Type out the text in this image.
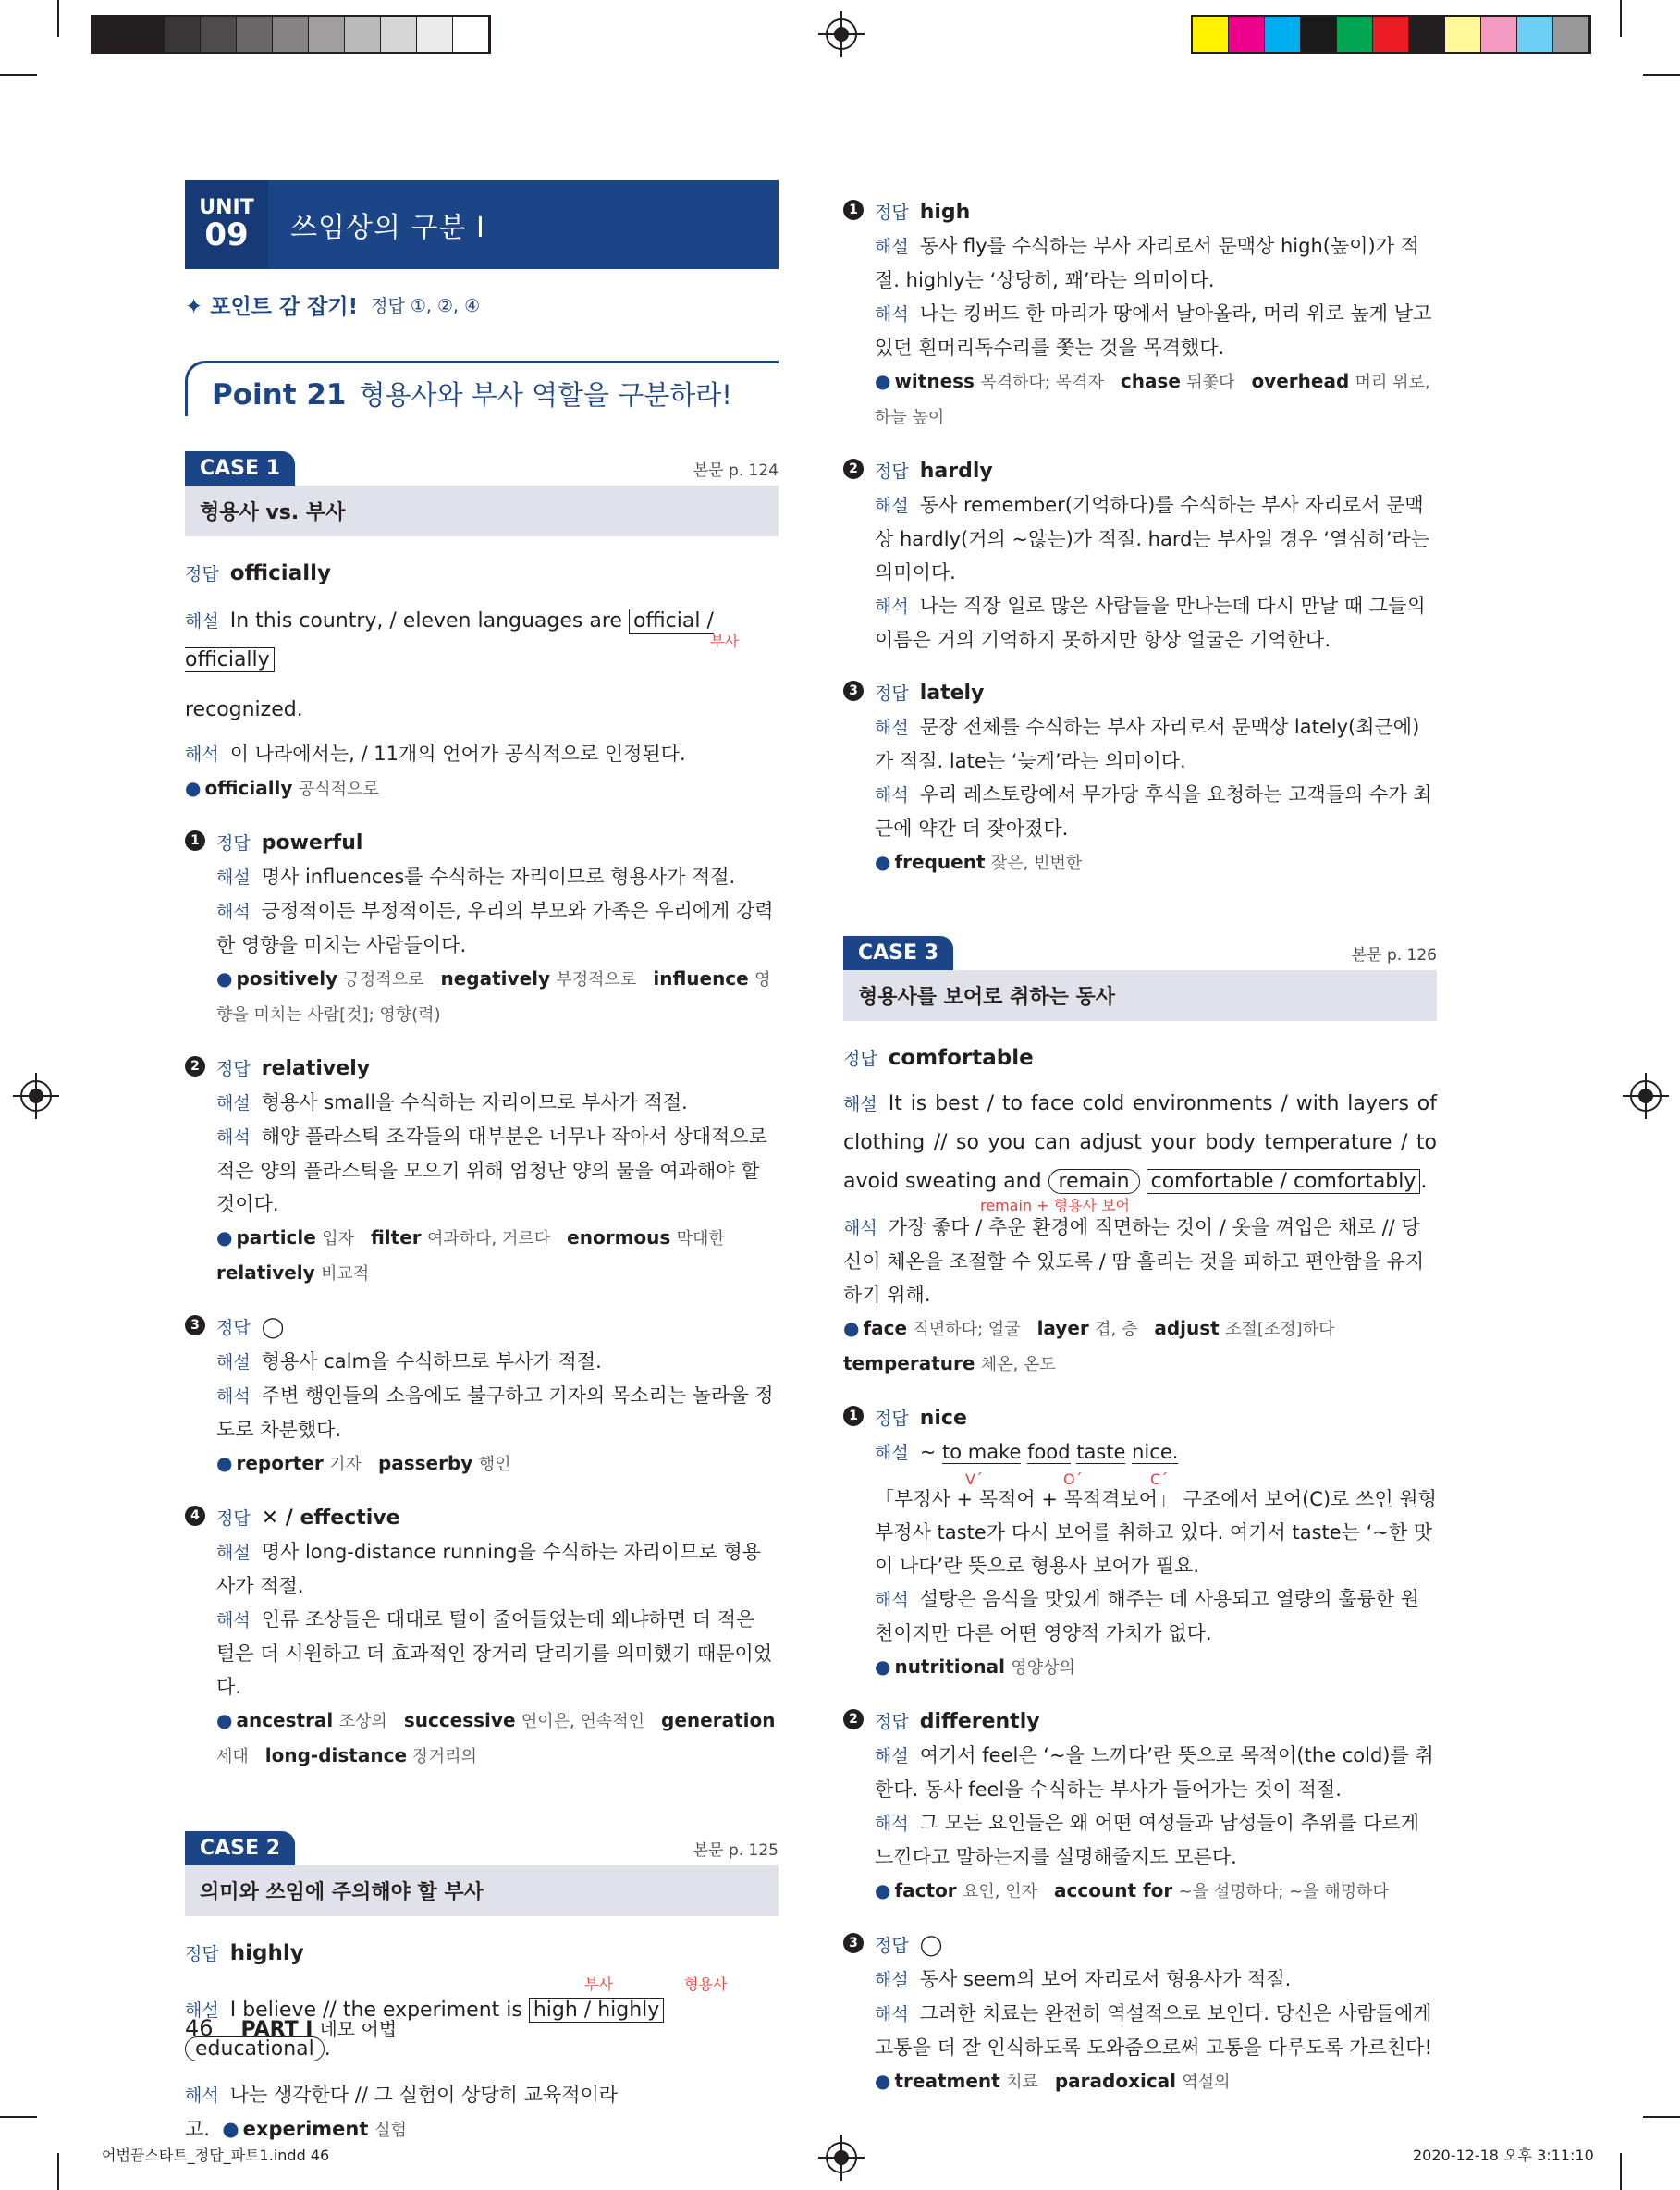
UNIT
09	쓰임상의 구분 Ⅰ
✦ 포인트 감 잡기! 정답 ①, ②, ④
Point 21 형용사와 부사 역할을 구분하라!
CASE 1	본문 p. 124
형용사 vs. 부사
정답 officially

해설 In this country, / eleven languages are official / officially

부사

recognized.

해석 이 나라에서는, / 11개의 언어가 공식적으로 인정된다.

● officially 공식적으로

1 정답 powerful

해설 명사 influences를 수식하는 자리이므로 형용사가 적절.

해석 긍정적이든 부정적이든, 우리의 부모와 가족은 우리에게 강력한 영향을 미치는 사람들이다.

● positively 긍정적으로 negatively 부정적으로 influence 영향을 미치는 사람[것]; 영향(력)

2 정답 relatively

해설 형용사 small을 수식하는 자리이므로 부사가 적절.

해석 해양 플라스틱 조각들의 대부분은 너무나 작아서 상대적으로 적은 양의 플라스틱을 모으기 위해 엄청난 양의 물을 여과해야 할 것이다.

● particle 입자 filter 여과하다, 거르다 enormous 막대한relatively 비교적

3 정답 ◯

해설 형용사 calm을 수식하므로 부사가 적절.

해석 주변 행인들의 소음에도 불구하고 기자의 목소리는 놀라울 정도로 차분했다.

● reporter 기자 passerby 행인

4 정답 ✕ / effective

해설 명사 long-distance running을 수식하는 자리이므로 형용사가 적절.

해석 인류 조상들은 대대로 털이 줄어들었는데 왜냐하면 더 적은 털은 더 시원하고 더 효과적인 장거리 달리기를 의미했기 때문이었다.

● ancestral 조상의 successive 연이은, 연속적인 generation 세대 long-distance 장거리의

CASE 2	본문 p. 125
의미와 쓰임에 주의해야 할 부사
정답 highly
부사	형용사

해설 I believe // the experiment is high / highly educational .

해석 나는 생각한다 // 그 실험이 상당히 교육적이라고. ● experiment 실험

1 정답 high

해설 동사 fly를 수식하는 부사 자리로서 문맥상 high(높이)가 적절. highly는 ‘상당히, 꽤’라는 의미이다.

해석 나는 킹버드 한 마리가 땅에서 날아올라, 머리 위로 높게 날고 있던 흰머리독수리를 쫓는 것을 목격했다.

● witness 목격하다; 목격자 chase 뒤쫓다 overhead 머리 위로, 하늘 높이

2 정답 hardly

해설 동사 remember(기억하다)를 수식하는 부사 자리로서 문맥상 hardly(거의 ~않는)가 적절. hard는 부사일 경우 ‘열심히’라는 의미이다.

해석 나는 직장 일로 많은 사람들을 만나는데 다시 만날 때 그들의 이름은 거의 기억하지 못하지만 항상 얼굴은 기억한다.

3 정답 lately

해설 문장 전체를 수식하는 부사 자리로서 문맥상 lately(최근에)가 적절. late는 ‘늦게’라는 의미이다.

해석 우리 레스토랑에서 무가당 후식을 요청하는 고객들의 수가 최근에 약간 더 잦아졌다.

● frequent 잦은, 빈번한

CASE 3	본문 p. 126
형용사를 보어로 취하는 동사
정답 comfortable

해설 It is best / to face cold environments / with layers of clothing // so you can adjust your body temperature / to avoid sweating and remain comfortable / comfortably .

remain + 형용사 보어

해석 가장 좋다 / 추운 환경에 직면하는 것이 / 옷을 껴입은 채로 // 당신이 체온을 조절할 수 있도록 / 땀 흘리는 것을 피하고 편안함을 유지하기 위해.

● face 직면하다; 얼굴 layer 겹, 층 adjust 조절[조정]하다temperature 체온, 온도

1 정답 nice
해설 ~ to make food taste nice.
V´	O´	C´

「부정사 + 목적어 + 목적격보어」 구조에서 보어(C)로 쓰인 원형부정사 taste가 다시 보어를 취하고 있다. 여기서 taste는 ‘~한 맛이 나다’란 뜻으로 형용사 보어가 필요.

해석 설탕은 음식을 맛있게 해주는 데 사용되고 열량의 훌륭한 원천이지만 다른 어떤 영양적 가치가 없다.

● nutritional 영양상의

2 정답 differently

해설 여기서 feel은 ‘~을 느끼다’란 뜻으로 목적어(the cold)를 취한다. 동사 feel을 수식하는 부사가 들어가는 것이 적절.

해석 그 모든 요인들은 왜 어떤 여성들과 남성들이 추위를 다르게 느낀다고 말하는지를 설명해줄지도 모른다.

● factor 요인, 인자 account for ~을 설명하다; ~을 해명하다

3 정답 ◯

해설 동사 seem의 보어 자리로서 형용사가 적절.

해석 그러한 치료는 완전히 역설적으로 보인다. 당신은 사람들에게 고통을 더 잘 인식하도록 도와줌으로써 고통을 다루도록 가르친다!

● treatment 치료 paradoxical 역설의

46 PART Ⅰ 네모 어법
어법끝스타트_정답_파트1.indd 46	2020-12-18 오후 3:11:10
